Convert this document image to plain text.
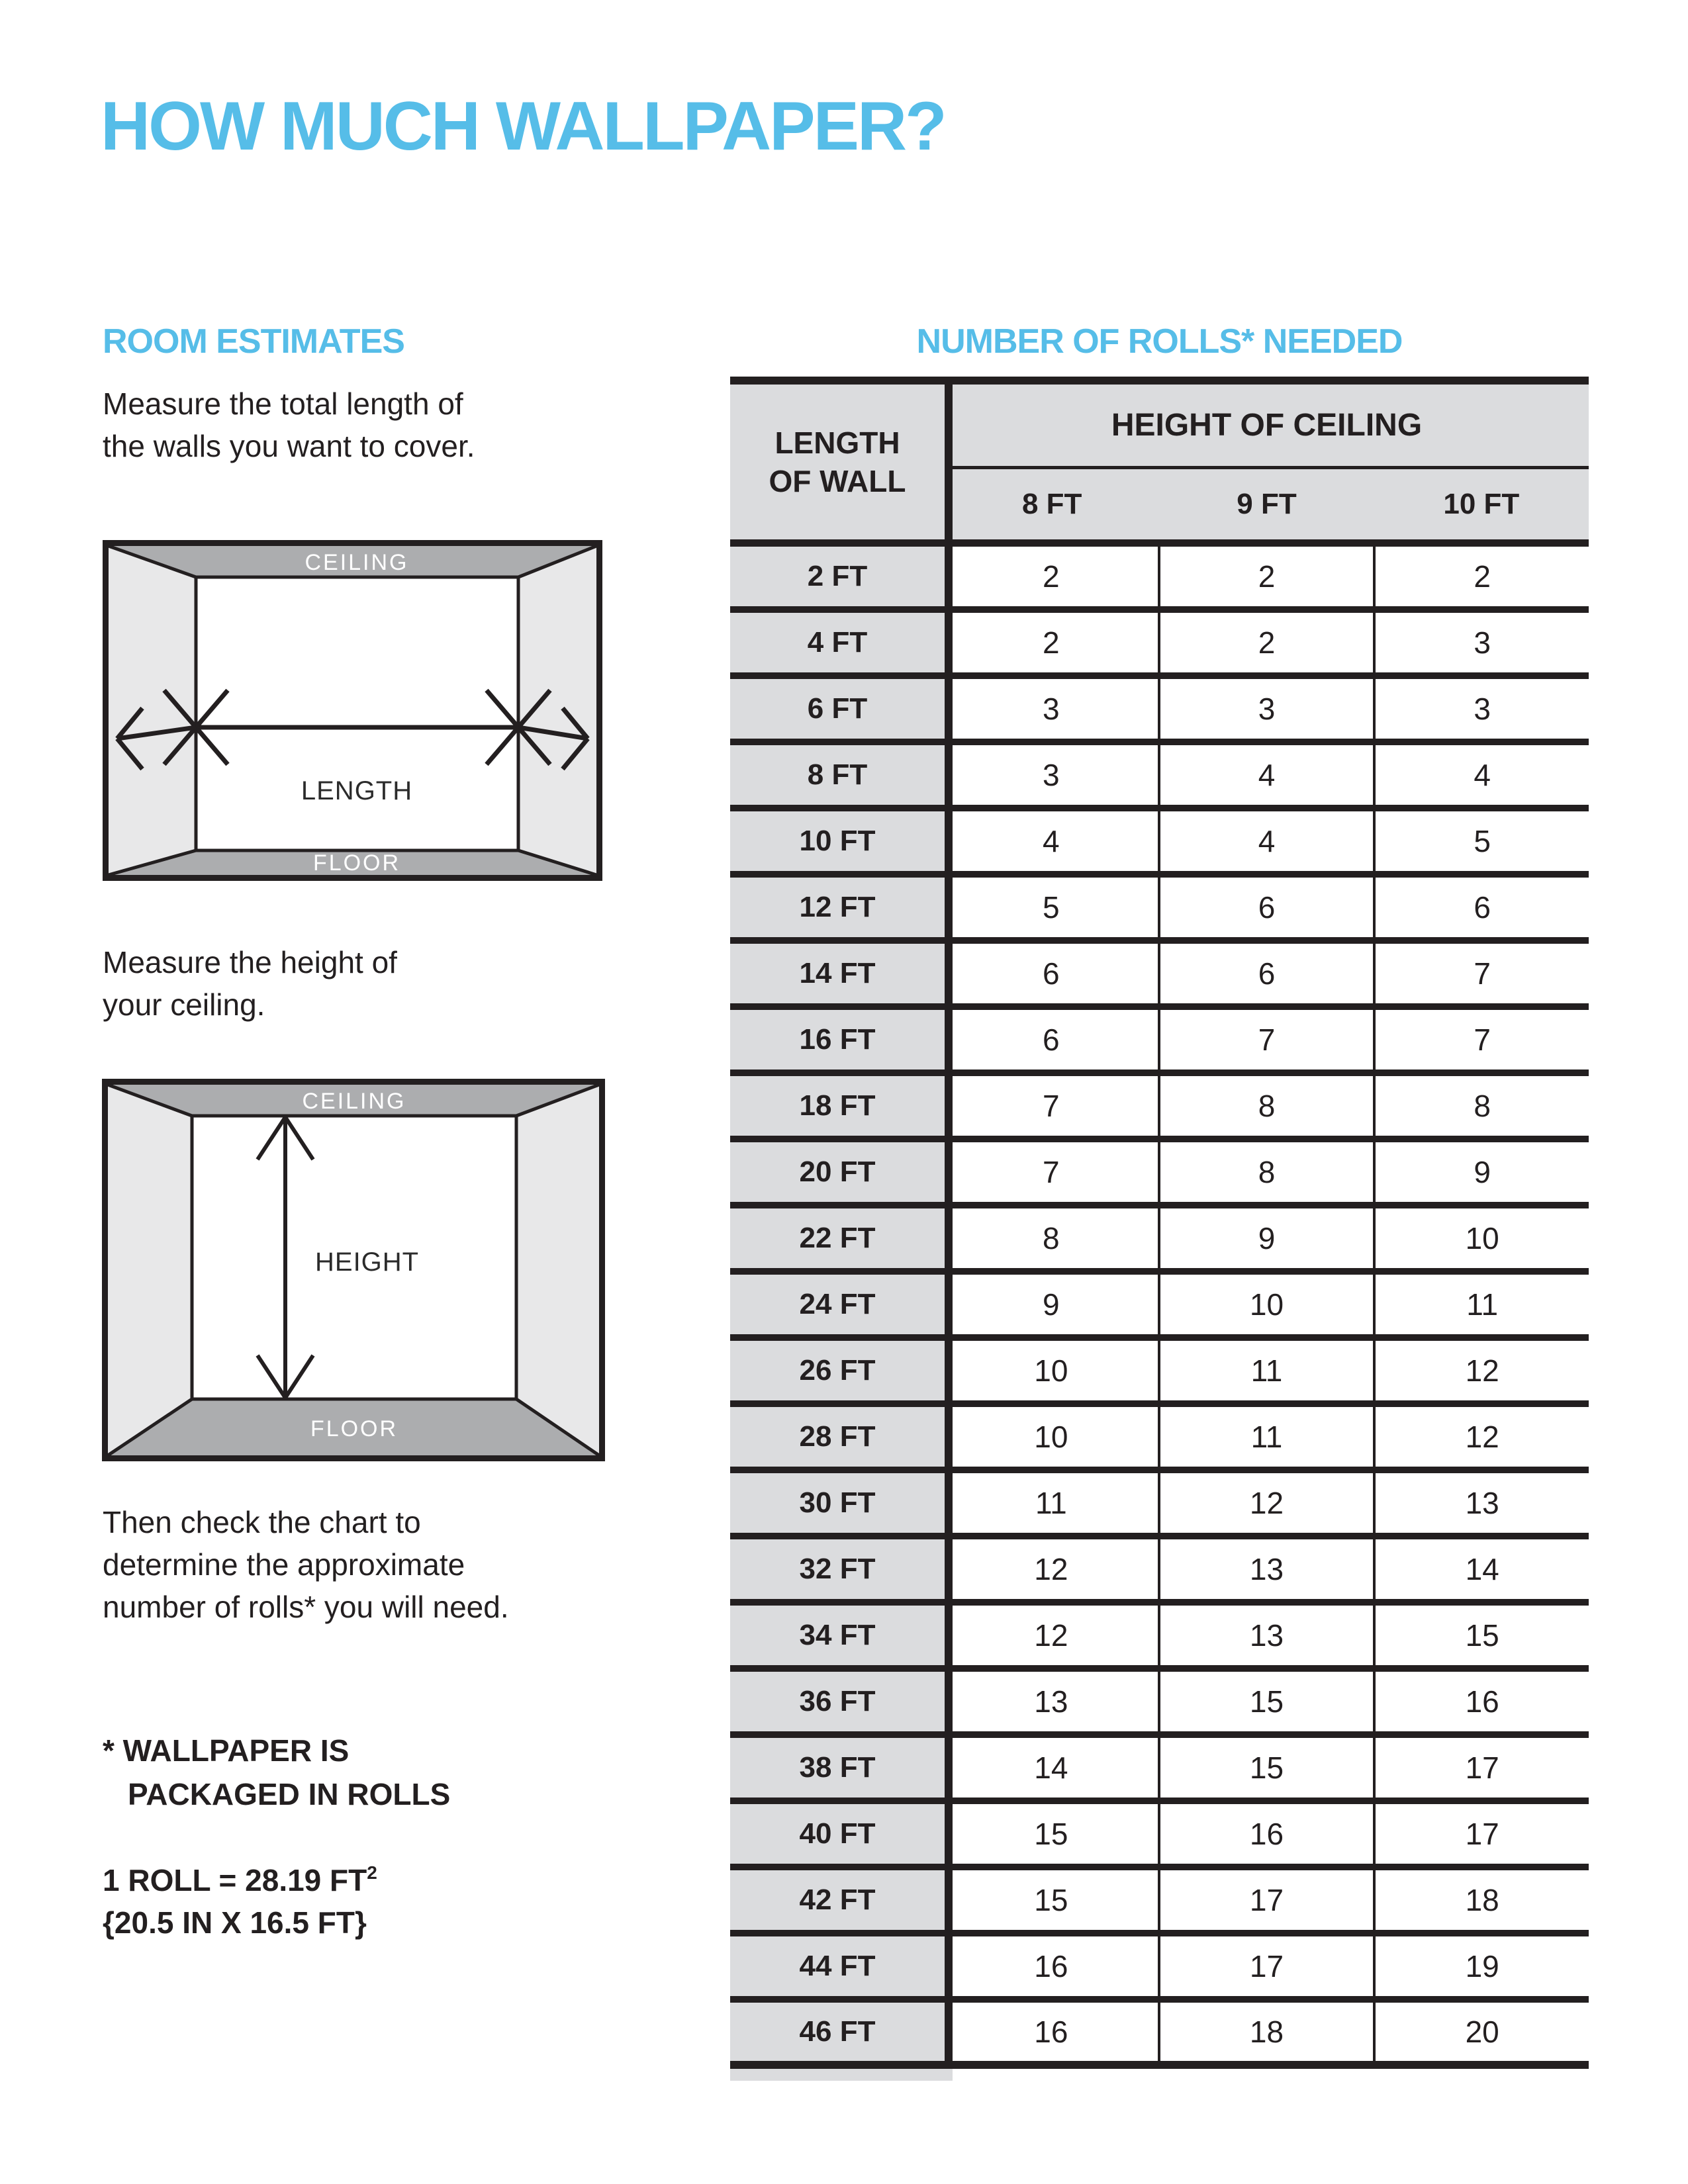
HOW MUCH WALLPAPER?
ROOM ESTIMATES
Measure the total length of
the walls you want to cover.
CEILING
FLOOR
LENGTH
Measure the height of
your ceiling.
CEILING
FLOOR
HEIGHT
Then check the chart to
determine the approximate
number of rolls* you will need.
* WALLPAPER IS
PACKAGED IN ROLLS
1 ROLL = 28.19 $FT^2$
{20.5 IN X 16.5 FT}
NUMBER OF ROLLS* NEEDED
LENGTH
OF WALL
HEIGHT OF CEILING
8 FT	9 FT	10 FT
2 FT	2	2	2
4 FT	2	2	3
6 FT	3	3	3
8 FT	3	4	4
10 FT	4	4	5
12 FT	5	6	6
14 FT	6	6	7
16 FT	6	7	7
18 FT	7	8	8
20 FT	7	8	9
22 FT	8	9	10
24 FT	9	10	11
26 FT	10	11	12
28 FT	10	11	12
30 FT	11	12	13
32 FT	12	13	14
34 FT	12	13	15
36 FT	13	15	16
38 FT	14	15	17
40 FT	15	16	17
42 FT	15	17	18
44 FT	16	17	19
46 FT	16	18	20
